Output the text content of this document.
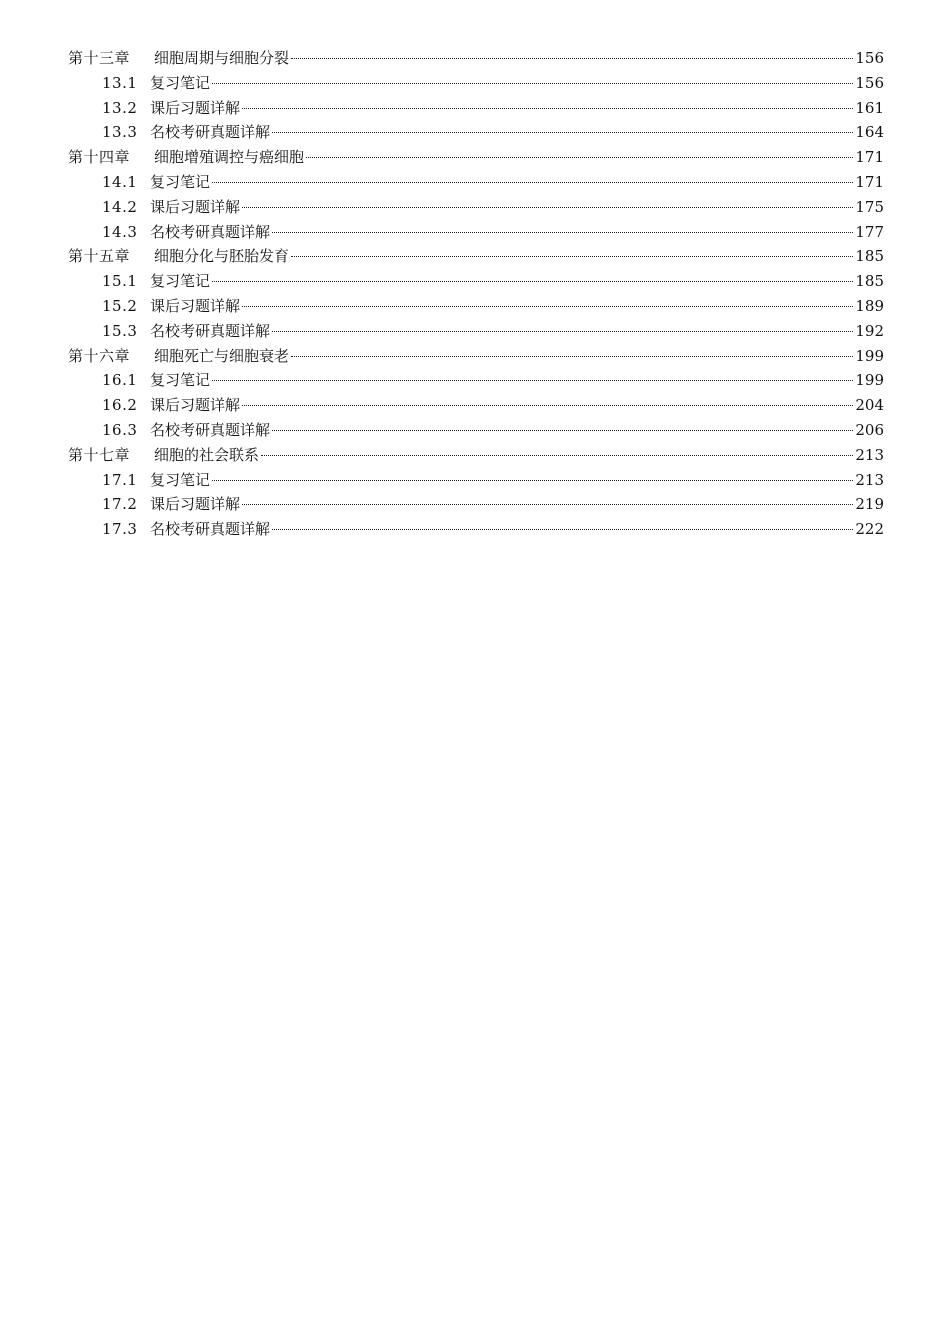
第十三章	细胞周期与细胞分裂	156
13.1 复习笔记	156
13.2 课后习题详解	161
13.3 名校考研真题详解	164
第十四章	细胞增殖调控与癌细胞	171
14.1 复习笔记	171
14.2 课后习题详解	175
14.3 名校考研真题详解	177
第十五章	细胞分化与胚胎发育	185
15.1 复习笔记	185
15.2 课后习题详解	189
15.3 名校考研真题详解	192
第十六章	细胞死亡与细胞衰老	199
16.1 复习笔记	199
16.2 课后习题详解	204
16.3 名校考研真题详解	206
第十七章	细胞的社会联系	213
17.1 复习笔记	213
17.2 课后习题详解	219
17.3 名校考研真题详解	222
